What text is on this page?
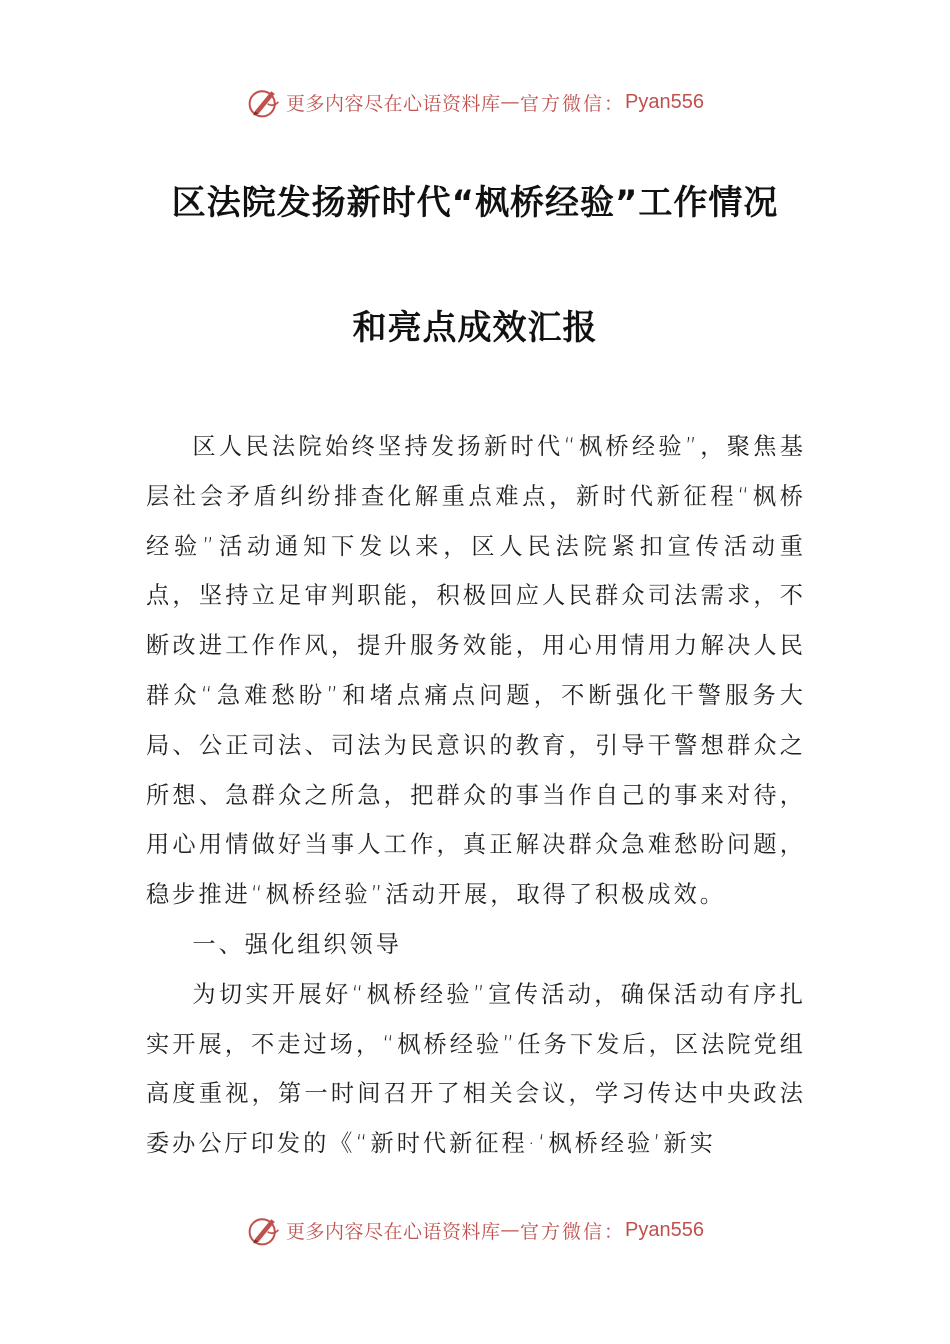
更多内容尽在心语资料库 — 官方微信： Pyan556
区法院发扬新时代“枫桥经验”工作情况
和亮点成效汇报

区人民法院始终坚持发扬新时代“枫桥经验”，聚焦基层社会矛盾纠纷排查化解重点难点，新时代新征程“枫桥经验”活动通知下发以来，区人民法院紧扣宣传活动重点，坚持立足审判职能，积极回应人民群众司法需求，不断改进工作作风，提升服务效能，用心用情用力解决人民群众“急难愁盼”和堵点痛点问题，不断强化干警服务大局、公正司法、司法为民意识的教育，引导干警想群众之所想、急群众之所急，把群众的事当作自己的事来对待，用心用情做好当事人工作，真正解决群众急难愁盼问题，稳步推进“枫桥经验”活动开展，取得了积极成效。

一、强化组织领导

为切实开展好“枫桥经验”宣传活动，确保活动有序扎实开展，不走过场，“枫桥经验”任务下发后，区法院党组高度重视，第一时间召开了相关会议，学习传达中央政法委办公厅印发的《“新时代新征程·‘枫桥经验’新实

更多内容尽在心语资料库 — 官方微信： Pyan556
